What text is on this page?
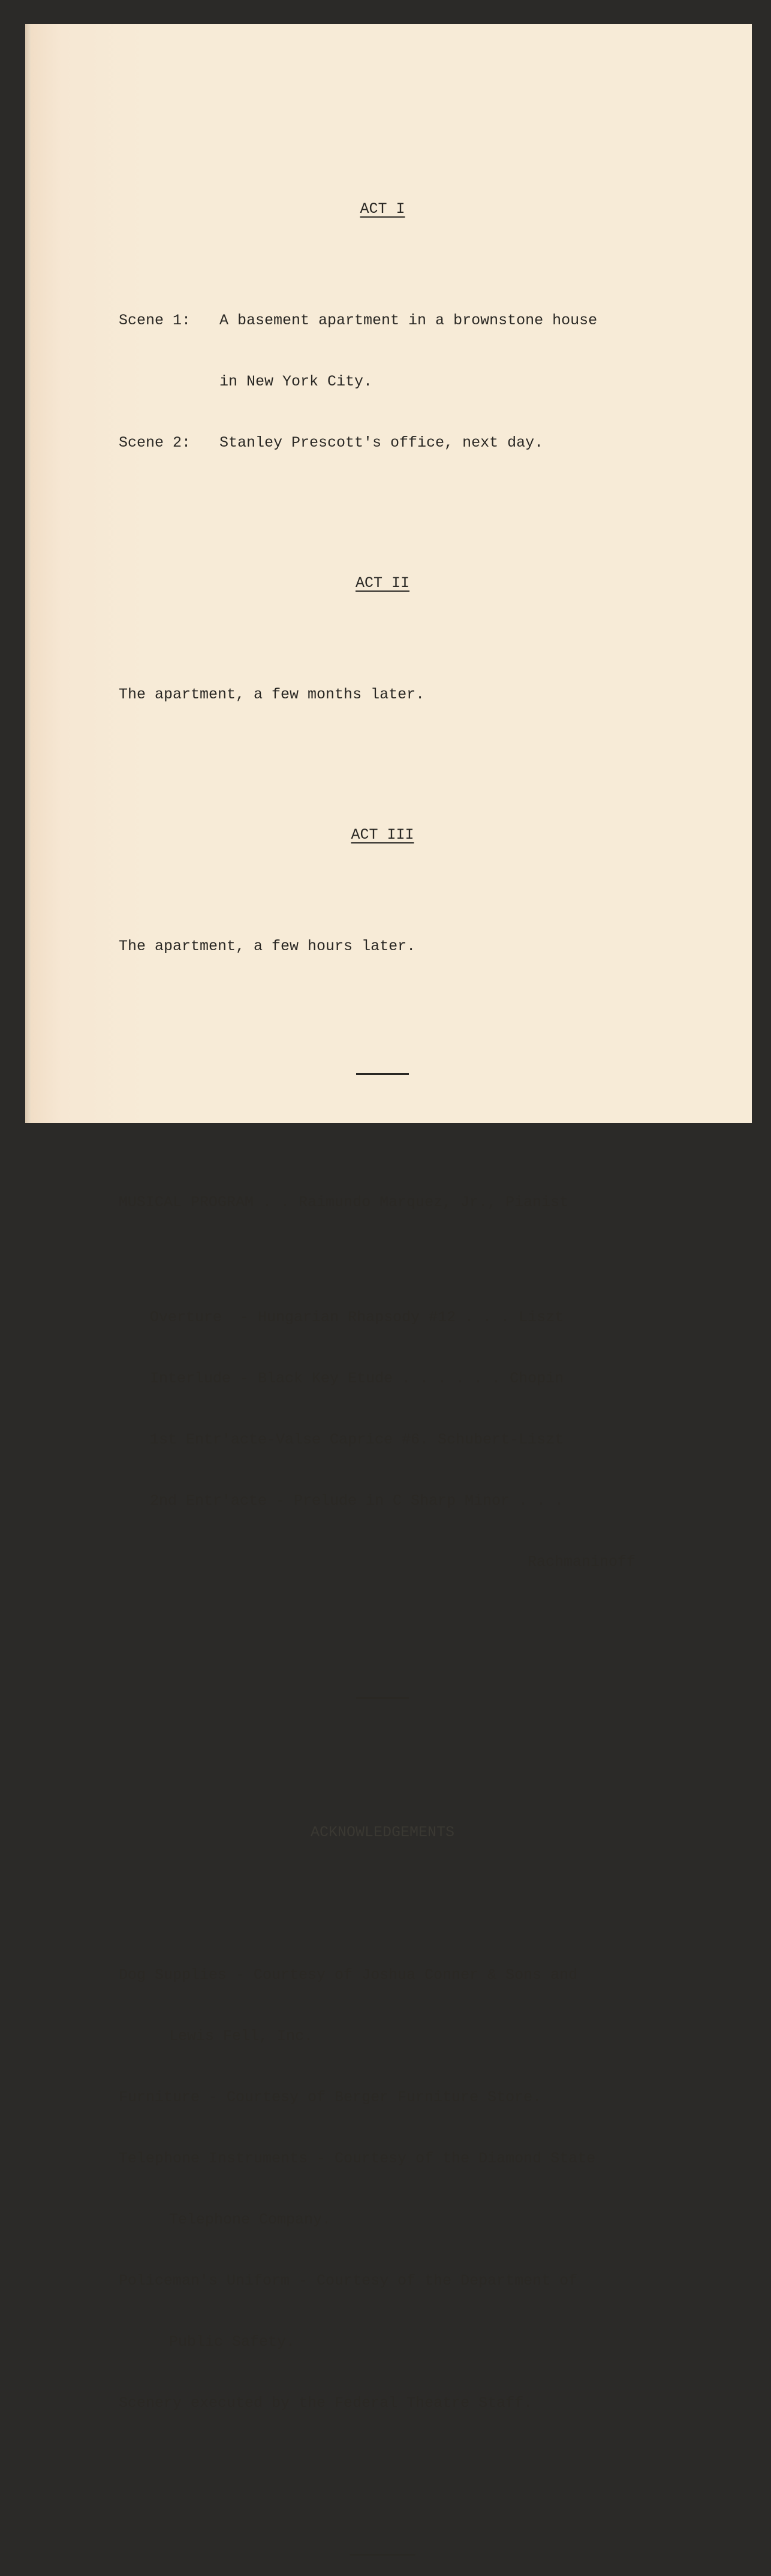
ACT I

Scene 1:	A basement apartment in a brownstone house

in New York City.

Scene 2:	Stanley Prescott's office, next day.

ACT II

The apartment, a few months later.

ACT III

The apartment, a few hours later.

MUSICAL PROGRAM . . Raimundo Marquez, Jr., Pianist

Overture  - Hungarian Rhapsody #12 . . . Liszt

Interlude - Black Key Etude . . . . . . Chopin

1st Entr'acte-Valse Caprice #6. Schubert-Liszt

2nd Entr'acte - Prelude in C Sharp Minor . . .

Rachmaninoff

ACKNOWLEDGEMENTS

Dog Supplies - Courtesy of Joshua Conner & Sons and

Lewis Fell, Inc.

Furniture - Courtesy of Berger Furniture Store.

Telephone Instruments - Courtesy of the Diamond State

Telephone Company.

Policeman's Uniform - Courtesy of the Department of

Public Safety.

Scenery executed by the Federal Theatre Staff.
